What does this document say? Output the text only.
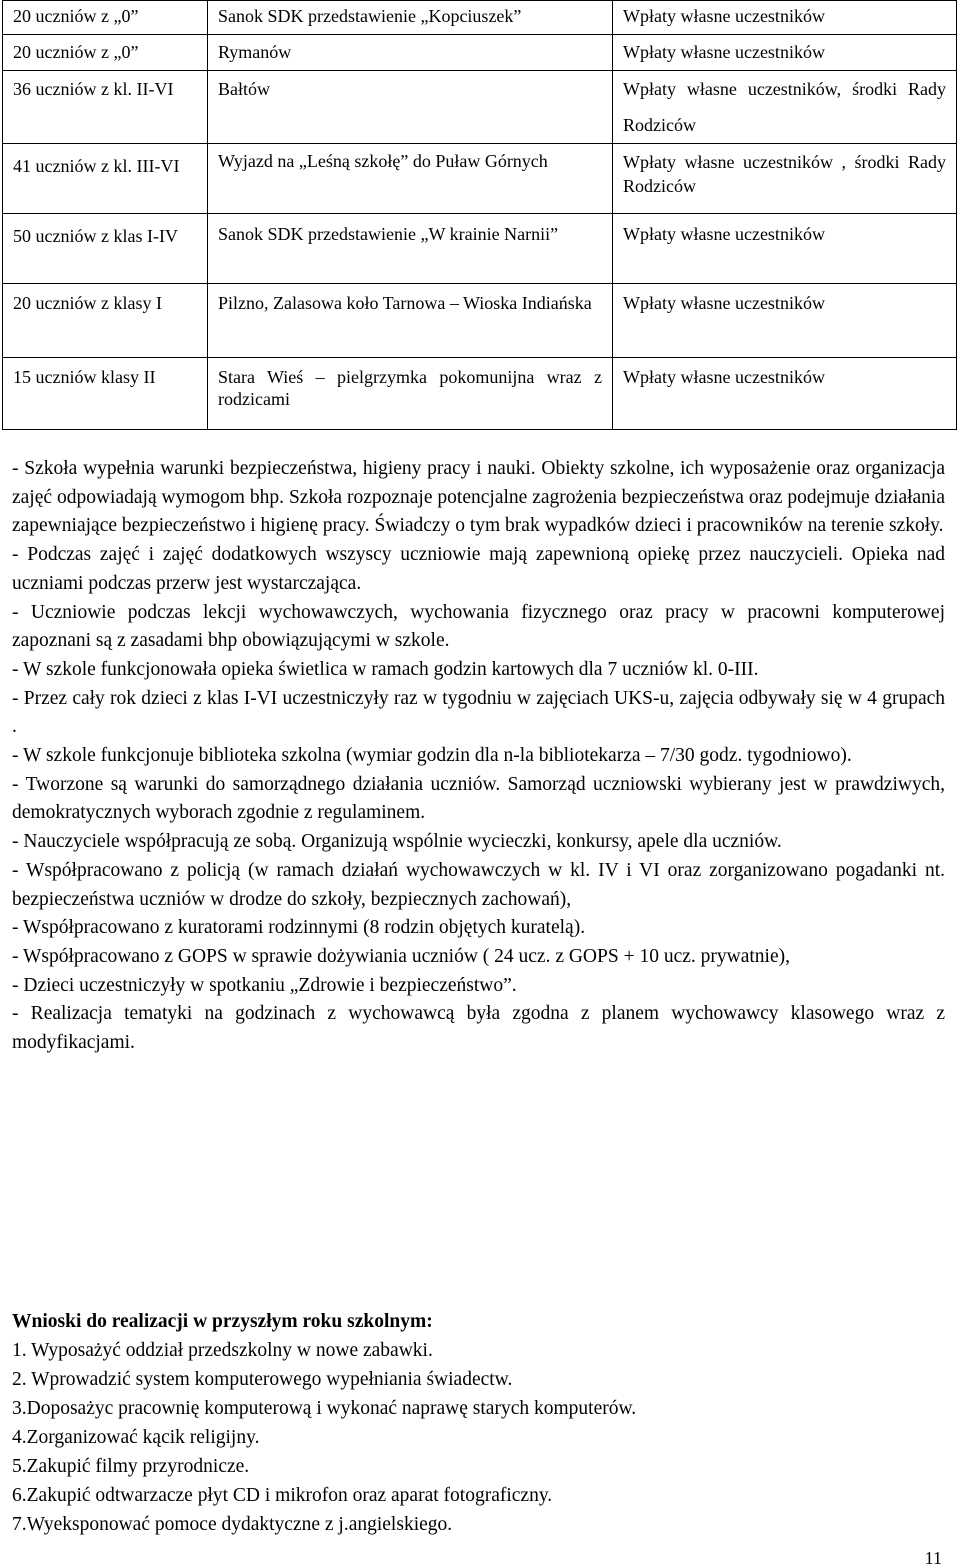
20 uczniów z „0”	Sanok SDK przedstawienie „Kopciuszek”	Wpłaty własne uczestników
20 uczniów z „0”	Rymanów	Wpłaty własne uczestników
36 uczniów z kl. II-VI	Bałtów	Wpłaty własne uczestników, środki Rady Rodziców
41 uczniów z kl. III-VI	Wyjazd na „Leśną szkołę” do Puław Górnych	Wpłaty własne uczestników , środki Rady Rodziców
50 uczniów z klas I-IV	Sanok SDK przedstawienie „W krainie Narnii”	Wpłaty własne uczestników
20 uczniów z klasy I	Pilzno, Zalasowa koło Tarnowa – Wioska Indiańska	Wpłaty własne uczestników
15 uczniów klasy II	Stara Wieś – pielgrzymka pokomunijna wraz z rodzicami	Wpłaty własne uczestników

- Szkoła wypełnia warunki bezpieczeństwa, higieny pracy i nauki. Obiekty szkolne, ich wyposażenie oraz organizacja zajęć odpowiadają wymogom bhp. Szkoła rozpoznaje potencjalne zagrożenia bezpieczeństwa oraz podejmuje działania zapewniające bezpieczeństwo i higienę pracy. Świadczy o tym brak wypadków dzieci i pracowników na terenie szkoły.

- Podczas zajęć i zajęć dodatkowych wszyscy uczniowie mają zapewnioną opiekę przez nauczycieli. Opieka nad uczniami podczas przerw jest wystarczająca.

- Uczniowie podczas lekcji wychowawczych, wychowania fizycznego oraz pracy w pracowni komputerowej zapoznani są z zasadami bhp obowiązującymi w szkole.

- W szkole funkcjonowała opieka świetlica w ramach godzin kartowych dla 7 uczniów kl. 0-III.

- Przez cały rok dzieci z klas I-VI uczestniczyły raz w tygodniu w zajęciach UKS-u, zajęcia odbywały się w 4 grupach .

- W szkole funkcjonuje biblioteka szkolna (wymiar godzin dla n-la bibliotekarza – 7/30 godz. tygodniowo).

- Tworzone są warunki do samorządnego działania uczniów. Samorząd uczniowski wybierany jest w prawdziwych, demokratycznych wyborach zgodnie z regulaminem.

- Nauczyciele współpracują ze sobą. Organizują wspólnie wycieczki, konkursy, apele dla uczniów.

- Współpracowano z policją (w ramach działań wychowawczych w kl. IV i VI oraz zorganizowano pogadanki nt. bezpieczeństwa uczniów w drodze do szkoły, bezpiecznych zachowań),

- Współpracowano z kuratorami rodzinnymi (8 rodzin objętych kuratelą).

- Współpracowano z GOPS w sprawie dożywiania uczniów ( 24 ucz. z GOPS + 10 ucz. prywatnie),

- Dzieci uczestniczyły w spotkaniu „Zdrowie i bezpieczeństwo”.

- Realizacja tematyki na godzinach z wychowawcą była zgodna z planem wychowawcy klasowego wraz z modyfikacjami.

Wnioski do realizacji w przyszłym roku szkolnym:

1. Wyposażyć oddział przedszkolny w nowe zabawki.

2. Wprowadzić system komputerowego wypełniania świadectw.

3.Doposażyc pracownię komputerową i wykonać naprawę starych komputerów.

4.Zorganizować kącik religijny.

5.Zakupić filmy przyrodnicze.

6.Zakupić odtwarzacze płyt CD i mikrofon oraz aparat fotograficzny.

7.Wyeksponować pomoce dydaktyczne z j.angielskiego.

11
